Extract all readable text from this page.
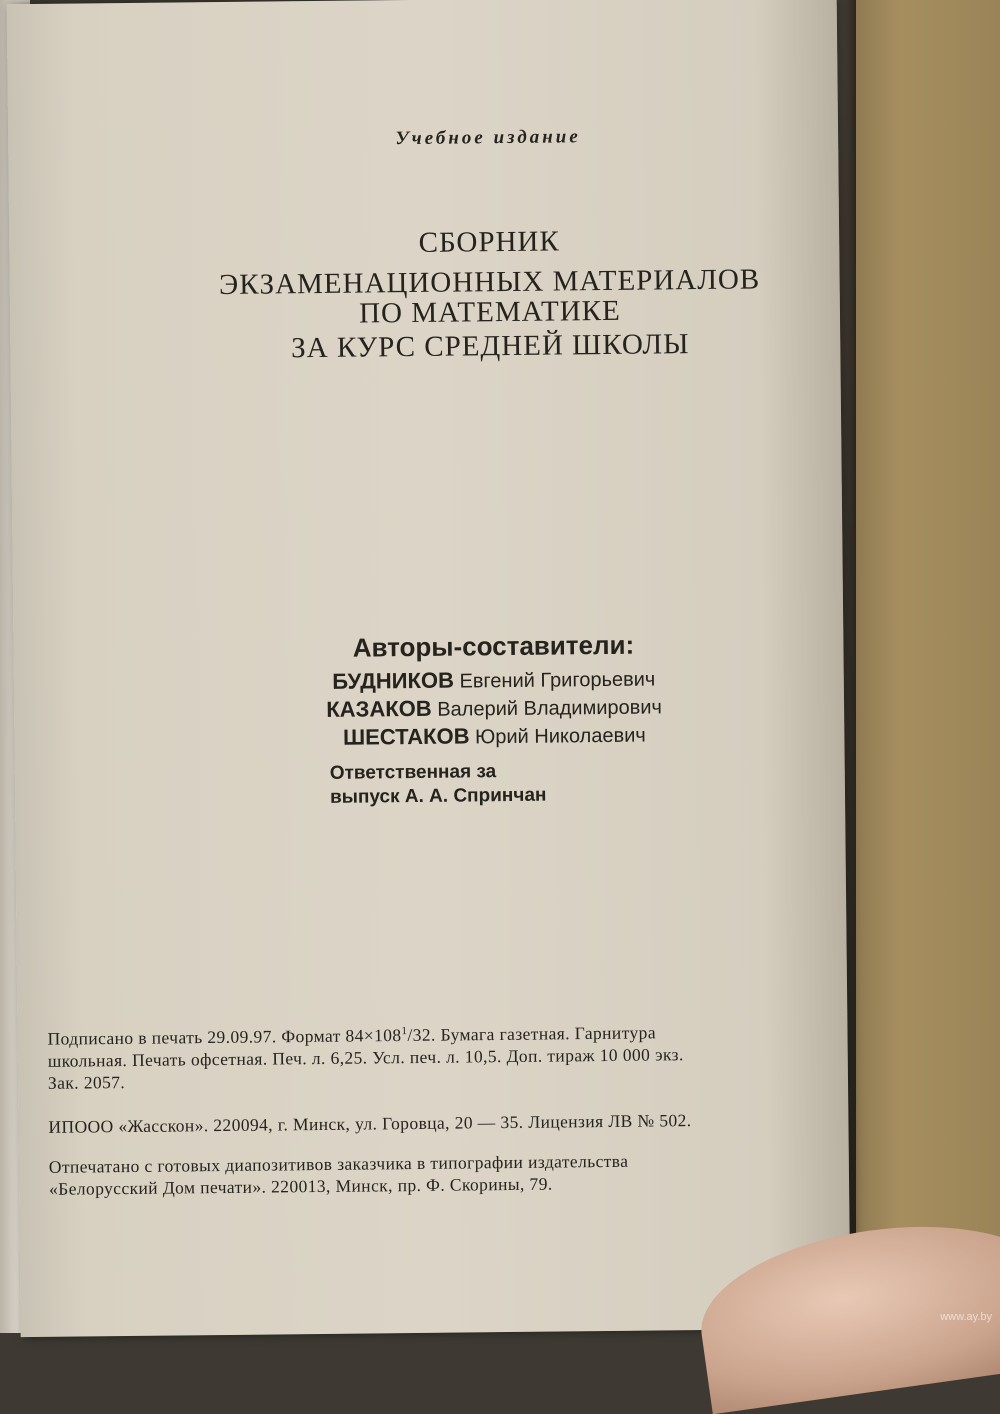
Учебное издание
СБОРНИК
ЭКЗАМЕНАЦИОННЫХ МАТЕРИАЛОВ
ПО МАТЕМАТИКЕ
ЗА КУРС СРЕДНЕЙ ШКОЛЫ
Авторы-составители:
БУДНИКОВ Евгений Григорьевич
КАЗАКОВ Валерий Владимирович
ШЕСТАКОВ Юрий Николаевич
Ответственная за
выпуск А. А. Спринчан
Подписано в печать 29.09.97. Формат $84\times 108^1/32$. Бумага газетная. Гарнитура
школьная. Печать офсетная. Печ. л. 6,25. Усл. печ. л. 10,5. Доп. тираж 10 000 экз.
Зак. 2057.
ИПООО «Жасскон». 220094, г. Минск, ул. Горовца, 20 — 35. Лицензия ЛВ № 502.
Отпечатано с готовых диапозитивов заказчика в типографии издательства
«Белорусский Дом печати». 220013, Минск, пр. Ф. Скорины, 79.
www.ay.by
